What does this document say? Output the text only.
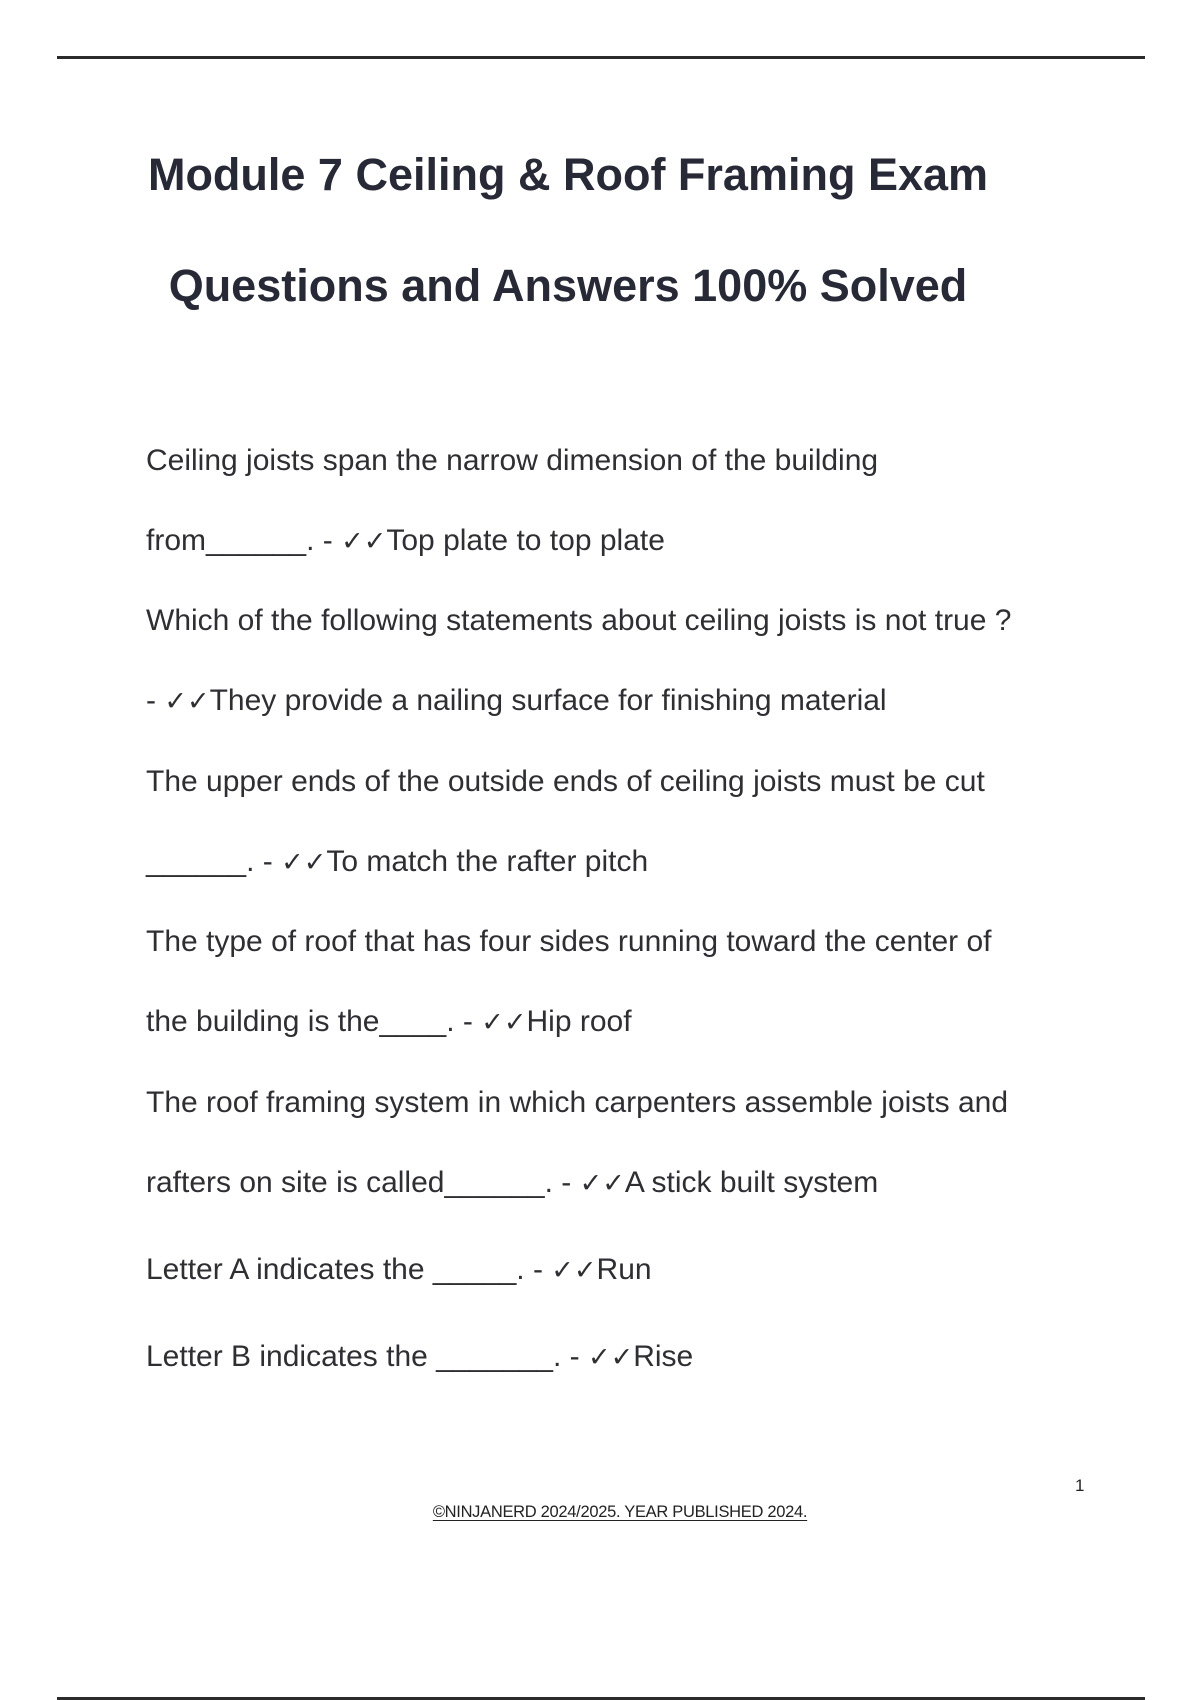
Module 7 Ceiling & Roof Framing Exam
Questions and Answers 100% Solved

Ceiling joists span the narrow dimension of the building

from______. - ✓✓Top plate to top plate

Which of the following statements about ceiling joists is not true ?

- ✓✓They provide a nailing surface for finishing material

The upper ends of the outside ends of ceiling joists must be cut

______. - ✓✓To match the rafter pitch

The type of roof that has four sides running toward the center of

the building is the____. - ✓✓Hip roof

The roof framing system in which carpenters assemble joists and

rafters on site is called______. - ✓✓A stick built system

Letter A indicates the _____. - ✓✓Run

Letter B indicates the _______. - ✓✓Rise

1
©NINJANERD 2024/2025. YEAR PUBLISHED 2024.
